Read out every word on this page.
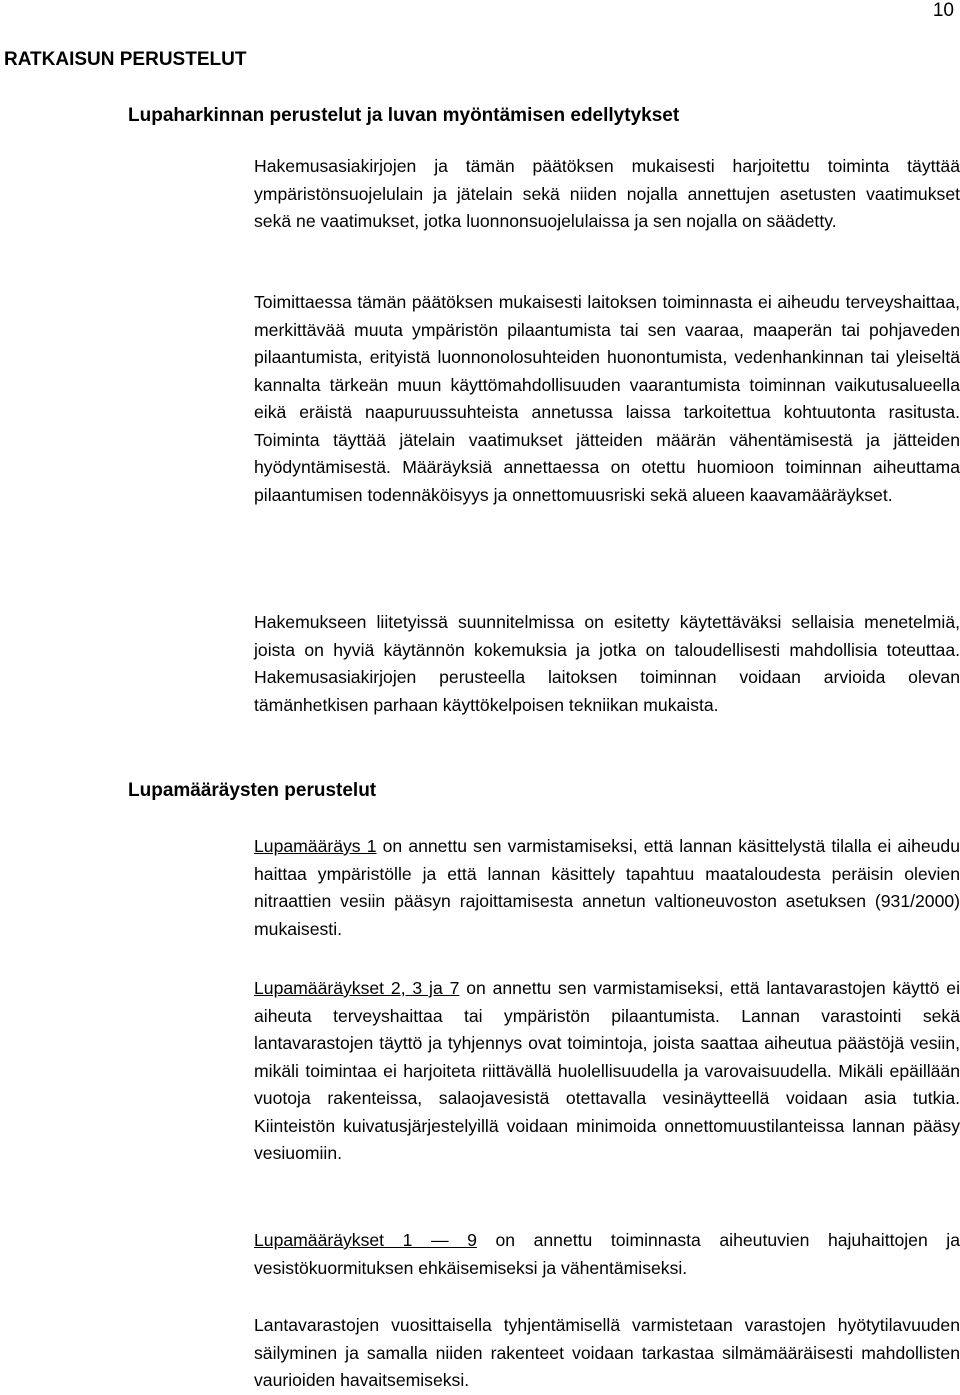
10
RATKAISUN PERUSTELUT
Lupaharkinnan perustelut ja luvan myöntämisen edellytykset

Hakemusasiakirjojen ja tämän päätöksen mukaisesti harjoitettu toiminta täyttää ympäristönsuojelulain ja jätelain sekä niiden nojalla annettujen asetusten vaatimukset sekä ne vaatimukset, jotka luonnonsuojelulaissa ja sen nojalla on säädetty.

Toimittaessa tämän päätöksen mukaisesti laitoksen toiminnasta ei aiheudu terveyshaittaa, merkittävää muuta ympäristön pilaantumista tai sen vaaraa, maaperän tai pohjaveden pilaantumista, erityistä luonnonolosuhteiden huonontumista, vedenhankinnan tai yleiseltä kannalta tärkeän muun käyttömahdollisuuden vaarantumista toiminnan vaikutusalueella eikä eräistä naapuruussuhteista annetussa laissa tarkoitettua kohtuutonta rasitusta. Toiminta täyttää jätelain vaatimukset jätteiden määrän vähentämisestä ja jätteiden hyödyntämisestä. Määräyksiä annettaessa on otettu huomioon toiminnan aiheuttama pilaantumisen todennäköisyys ja onnettomuusriski sekä alueen kaavamääräykset.

Hakemukseen liitetyissä suunnitelmissa on esitetty käytettäväksi sellaisia menetelmiä, joista on hyviä käytännön kokemuksia ja jotka on taloudellisesti mahdollisia toteuttaa. Hakemusasiakirjojen perusteella laitoksen toiminnan voidaan arvioida olevan tämänhetkisen parhaan käyttökelpoisen tekniikan mukaista.

Lupamääräysten perustelut

Lupamääräys 1 on annettu sen varmistamiseksi, että lannan käsittelystä tilalla ei aiheudu haittaa ympäristölle ja että lannan käsittely tapahtuu maataloudesta peräisin olevien nitraattien vesiin pääsyn rajoittamisesta annetun valtioneuvoston asetuksen (931/2000) mukaisesti.

Lupamääräykset 2, 3 ja 7 on annettu sen varmistamiseksi, että lantavarastojen käyttö ei aiheuta terveyshaittaa tai ympäristön pilaantumista. Lannan varastointi sekä lantavarastojen täyttö ja tyhjennys ovat toimintoja, joista saattaa aiheutua päästöjä vesiin, mikäli toimintaa ei harjoiteta riittävällä huolellisuudella ja varovaisuudella. Mikäli epäillään vuotoja rakenteissa, salaojavesistä otettavalla vesinäytteellä voidaan asia tutkia. Kiinteistön kuivatusjärjestelyillä voidaan minimoida onnettomuustilanteissa lannan pääsy vesiuomiin.

Lupamääräykset 1 — 9 on annettu toiminnasta aiheutuvien hajuhaittojen ja vesistökuormituksen ehkäisemiseksi ja vähentämiseksi.

Lantavarastojen vuosittaisella tyhjentämisellä varmistetaan varastojen hyötytilavuuden säilyminen ja samalla niiden rakenteet voidaan tarkastaa silmämääräisesti mahdollisten vaurioiden havaitsemiseksi.
